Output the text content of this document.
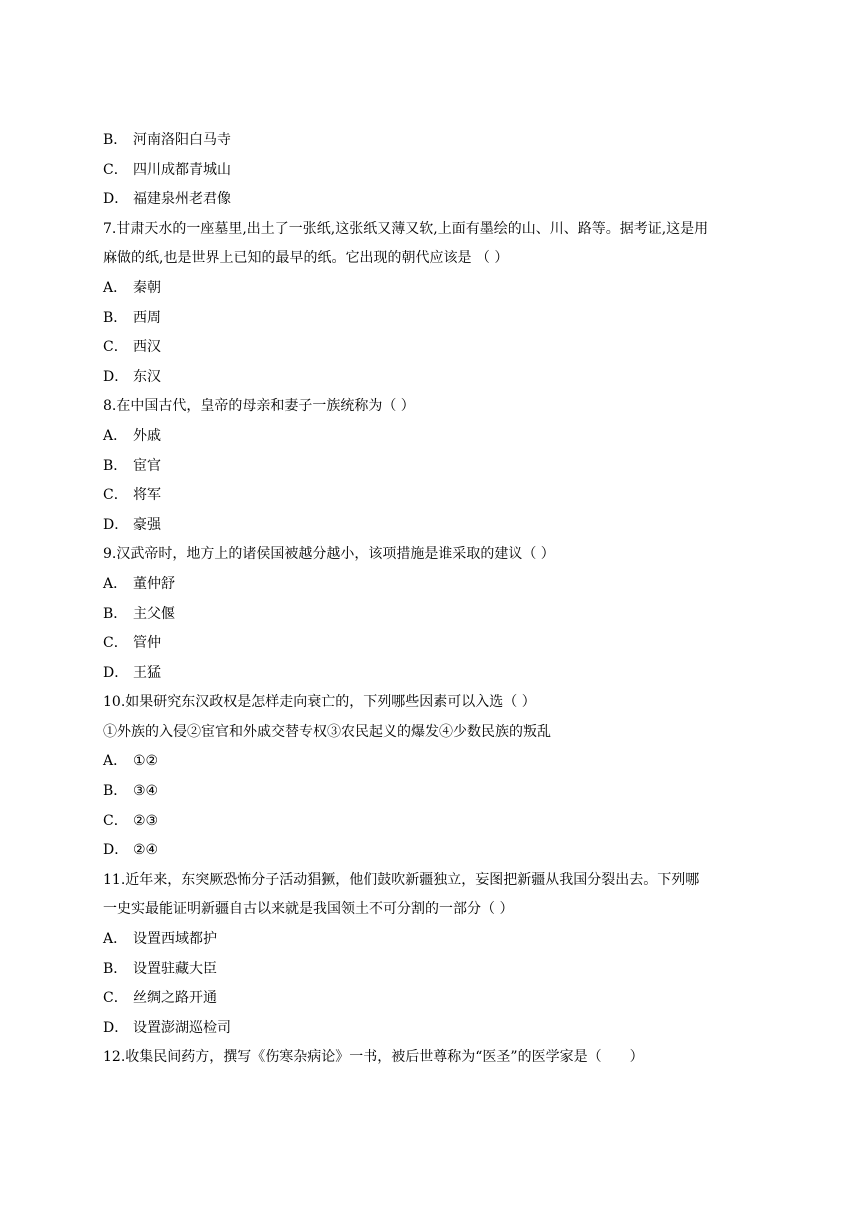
B． 河南洛阳白马寺
C． 四川成都青城山
D． 福建泉州老君像
7.甘肃天水的一座墓里,出土了一张纸,这张纸又薄又软,上面有墨绘的山、川、路等。据考证,这是用
麻做的纸,也是世界上已知的最早的纸。它出现的朝代应该是 （ ）
A． 秦朝
B． 西周
C． 西汉
D． 东汉
8.在中国古代，皇帝的母亲和妻子一族统称为（ ）
A． 外戚
B． 宦官
C． 将军
D． 豪强
9.汉武帝时，地方上的诸侯国被越分越小，该项措施是谁采取的建议（ ）
A． 董仲舒
B． 主父偃
C． 管仲
D． 王猛
10.如果研究东汉政权是怎样走向衰亡的，下列哪些因素可以入选（ ）
①外族的入侵②宦官和外戚交替专权③农民起义的爆发④少数民族的叛乱
A． ①②
B． ③④
C． ②③
D． ②④
11.近年来，东突厥恐怖分子活动猖獗，他们鼓吹新疆独立，妄图把新疆从我国分裂出去。下列哪
一史实最能证明新疆自古以来就是我国领土不可分割的一部分（ ）
A． 设置西域都护
B． 设置驻藏大臣
C． 丝绸之路开通
D． 设置澎湖巡检司
12.收集民间药方，撰写《伤寒杂病论》一书，被后世尊称为“医圣”的医学家是（　　）
